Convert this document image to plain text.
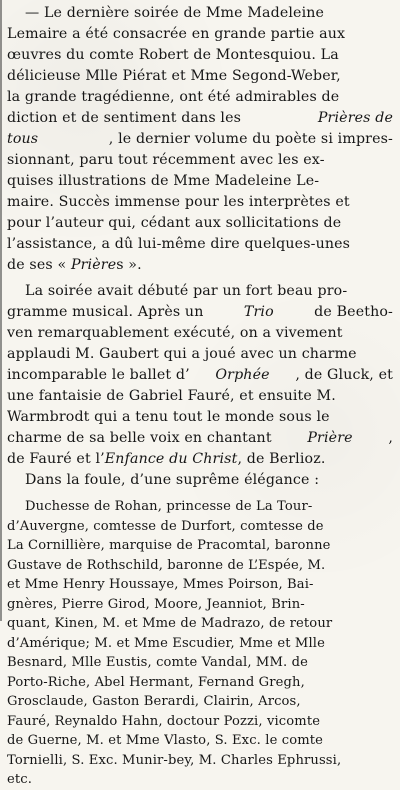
— Le dernière soirée de Mme Madeleine
Lemaire a été consacrée en grande partie aux
œuvres du comte Robert de Montesquiou. La
délicieuse Mlle Piérat et Mme Segond-Weber,
la grande tragédienne, ont été admirables de
diction et de sentiment dans les	Prières de
tous	, le dernier volume du poète si impres-
sionnant, paru tout récemment avec les ex-
quises illustrations de Mme Madeleine Le-
maire. Succès immense pour les interprètes et
pour l’auteur qui, cédant aux sollicitations de
l’assistance, a dû lui-même dire quelques-unes
de ses « Prières ».
La soirée avait débuté par un fort beau pro-
gramme musical. Après un	Trio	de Beetho-
ven remarquablement exécuté, on a vivement
applaudi M. Gaubert qui a joué avec un charme
incomparable le ballet d’ Orphée , de Gluck, et
une fantaisie de Gabriel Fauré, et ensuite M.
Warmbrodt qui a tenu tout le monde sous le
charme de sa belle voix en chantant	Prière	,
de Fauré et l’Enfance du Christ, de Berlioz.
Dans la foule, d’une suprême élégance :
Duchesse de Rohan, princesse de La Tour-
d’Auvergne, comtesse de Durfort, comtesse de
La Cornillière, marquise de Pracomtal, baronne
Gustave de Rothschild, baronne de L’Espée, M.
et Mme Henry Houssaye, Mmes Poirson, Bai-
gnères, Pierre Girod, Moore, Jeanniot, Brin-
quant, Kinen, M. et Mme de Madrazo, de retour
d’Amérique; M. et Mme Escudier, Mme et Mlle
Besnard, Mlle Eustis, comte Vandal, MM. de
Porto-Riche, Abel Hermant, Fernand Gregh,
Grosclaude, Gaston Berardi, Clairin, Arcos,
Fauré, Reynaldo Hahn, doctour Pozzi, vicomte
de Guerne, M. et Mme Vlasto, S. Exc. le comte
Tornielli, S. Exc. Munir-bey, M. Charles Ephrussi,
etc.
